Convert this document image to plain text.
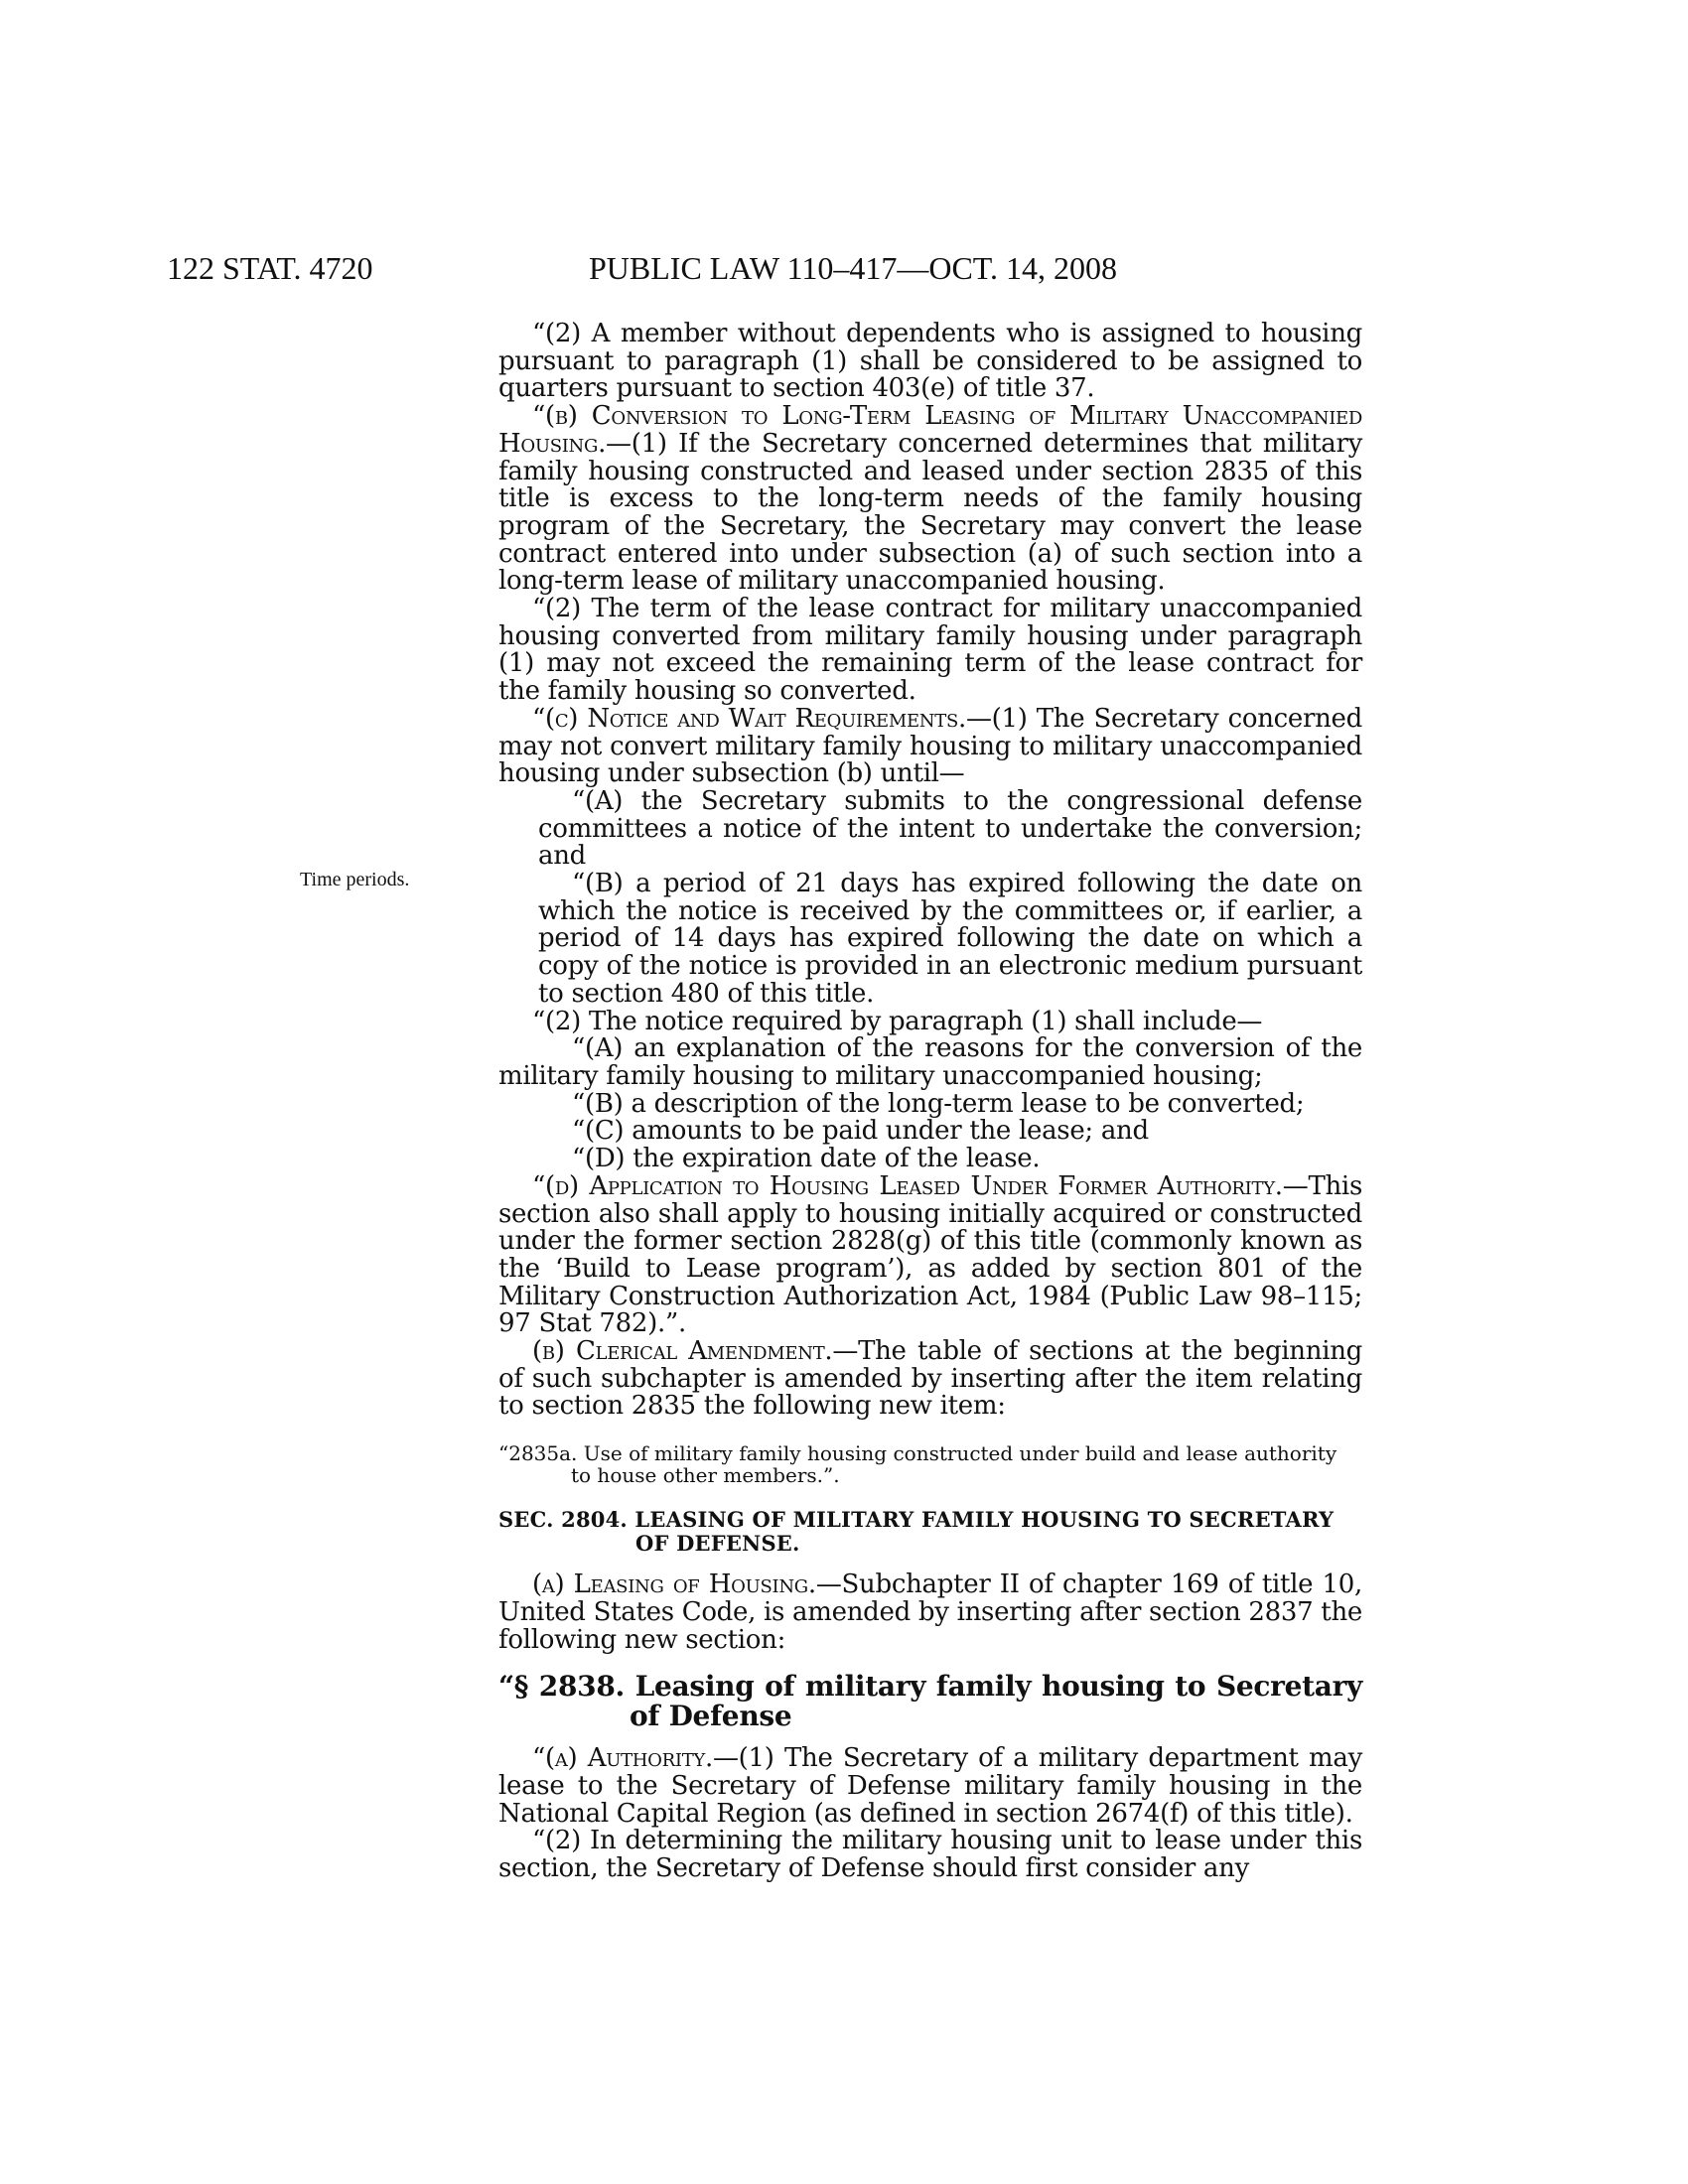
122 STAT. 4720	PUBLIC LAW 110–417—OCT. 14, 2008
Time periods.

“(2) A member without dependents who is assigned to housing pursuant to paragraph (1) shall be considered to be assigned to quarters pursuant to section 403(e) of title 37.

“(b) Conversion to Long-Term Leasing of Military Unaccompanied Housing.—(1) If the Secretary concerned determines that military family housing constructed and leased under section 2835 of this title is excess to the long-term needs of the family housing program of the Secretary, the Secretary may convert the lease contract entered into under subsection (a) of such section into a long-term lease of military unaccompanied housing.

“(2) The term of the lease contract for military unaccompanied housing converted from military family housing under paragraph (1) may not exceed the remaining term of the lease contract for the family housing so converted.

“(c) Notice and Wait Requirements.—(1) The Secretary concerned may not convert military family housing to military unaccompanied housing under subsection (b) until—

“(A) the Secretary submits to the congressional defense committees a notice of the intent to undertake the conversion; and

“(B) a period of 21 days has expired following the date on which the notice is received by the committees or, if earlier, a period of 14 days has expired following the date on which a copy of the notice is provided in an electronic medium pursuant to section 480 of this title.

“(2) The notice required by paragraph (1) shall include—

“(A) an explanation of the reasons for the conversion of the military family housing to military unaccompanied housing;

“(B) a description of the long-term lease to be converted;

“(C) amounts to be paid under the lease; and

“(D) the expiration date of the lease.

“(d) Application to Housing Leased Under Former Authority.—This section also shall apply to housing initially acquired or constructed under the former section 2828(g) of this title (commonly known as the ‘Build to Lease program’), as added by section 801 of the Military Construction Authorization Act, 1984 (Public Law 98–115; 97 Stat 782).”.

(b) Clerical Amendment.—The table of sections at the beginning of such subchapter is amended by inserting after the item relating to section 2835 the following new item:

“2835a. Use of military family housing constructed under build and lease authority
to house other members.”.
SEC. 2804. LEASING OF MILITARY FAMILY HOUSING TO SECRETARY OF DEFENSE.

(a) Leasing of Housing.—Subchapter II of chapter 169 of title 10, United States Code, is amended by inserting after section 2837 the following new section:

“§ 2838. Leasing of military family housing to Secretary of Defense

“(a) Authority.—(1) The Secretary of a military department may lease to the Secretary of Defense military family housing in the National Capital Region (as defined in section 2674(f) of this title).

“(2) In determining the military housing unit to lease under this section, the Secretary of Defense should first consider any
